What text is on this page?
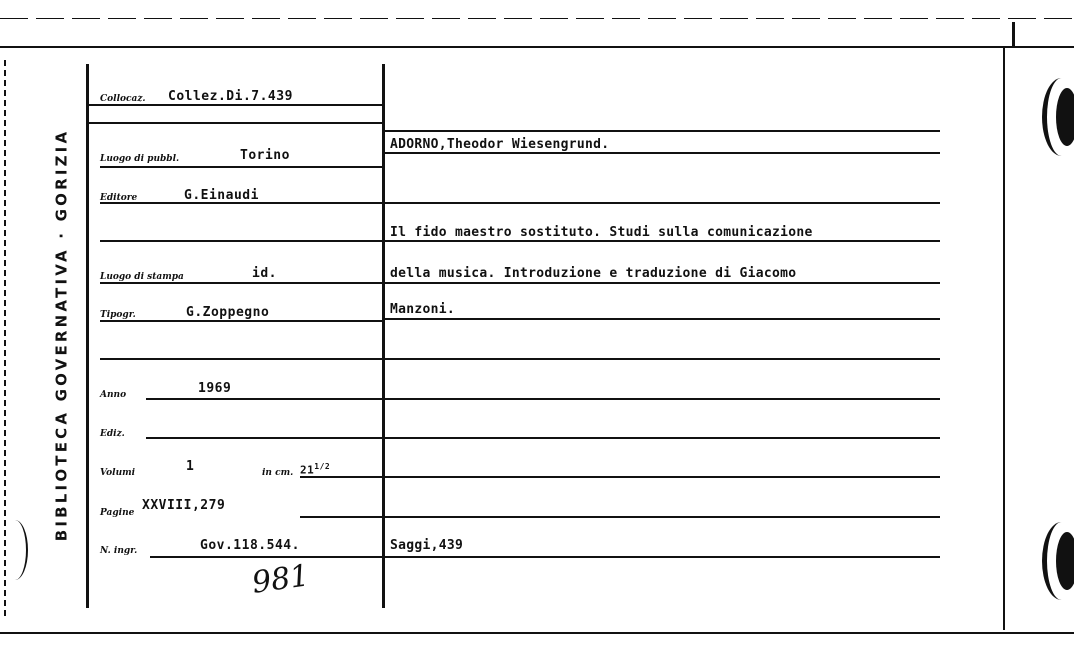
BIBLIOTECA GOVERNATIVA · GORIZIA
Collocaz. Collez.Di.7.439
Luogo di pubbl.	Torino
Editore	G.Einaudi
Luogo di stampa	id.
Tipogr.	G.Zoppegno
Anno	1969
Ediz.
Volumi	1	in cm. $21^{1/2}$
Pagine XXVIII,279
N. ingr.	Gov.118.544.
981
ADORNO,Theodor Wiesengrund.
Il fido maestro sostituto. Studi sulla comunicazione
della musica. Introduzione e traduzione di Giacomo
Manzoni.
Saggi,439
